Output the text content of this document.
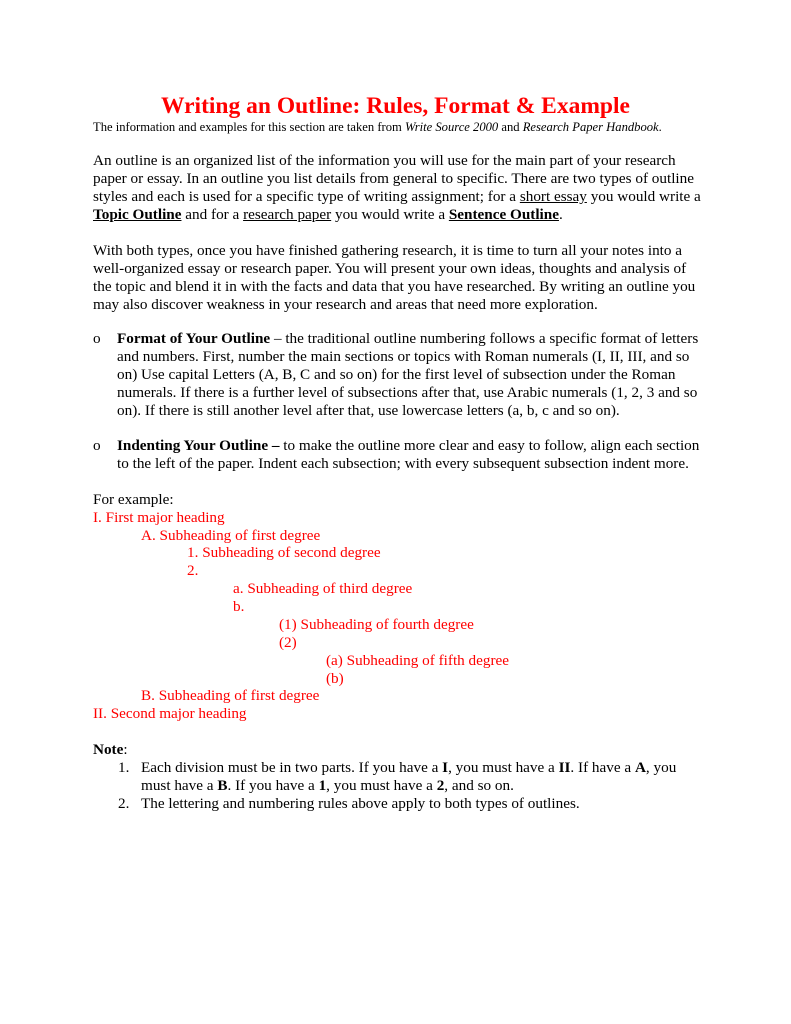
Writing an Outline: Rules, Format & Example
The information and examples for this section are taken from Write Source 2000 and Research Paper Handbook.
An outline is an organized list of the information you will use for the main part of your research paper or essay. In an outline you list details from general to specific. There are two types of outline styles and each is used for a specific type of writing assignment; for a short essay you would write a Topic Outline and for a research paper you would write a Sentence Outline.
With both types, once you have finished gathering research, it is time to turn all your notes into a well-organized essay or research paper. You will present your own ideas, thoughts and analysis of the topic and blend it in with the facts and data that you have researched. By writing an outline you may also discover weakness in your research and areas that need more exploration.
o Format of Your Outline – the traditional outline numbering follows a specific format of letters and numbers. First, number the main sections or topics with Roman numerals (I, II, III, and so on) Use capital Letters (A, B, C and so on) for the first level of subsection under the Roman numerals. If there is a further level of subsections after that, use Arabic numerals (1, 2, 3 and so on). If there is still another level after that, use lowercase letters (a, b, c and so on).
o Indenting Your Outline – to make the outline more clear and easy to follow, align each section to the left of the paper. Indent each subsection; with every subsequent subsection indent more.
For example:
I. First major heading
A. Subheading of first degree
1. Subheading of second degree
2.
a. Subheading of third degree
b.
(1) Subheading of fourth degree
(2)
(a) Subheading of fifth degree
(b)
B. Subheading of first degree
II. Second major heading
Note:
1. Each division must be in two parts. If you have a I, you must have a II. If have a A, you must have a B. If you have a 1, you must have a 2, and so on.
2. The lettering and numbering rules above apply to both types of outlines.
